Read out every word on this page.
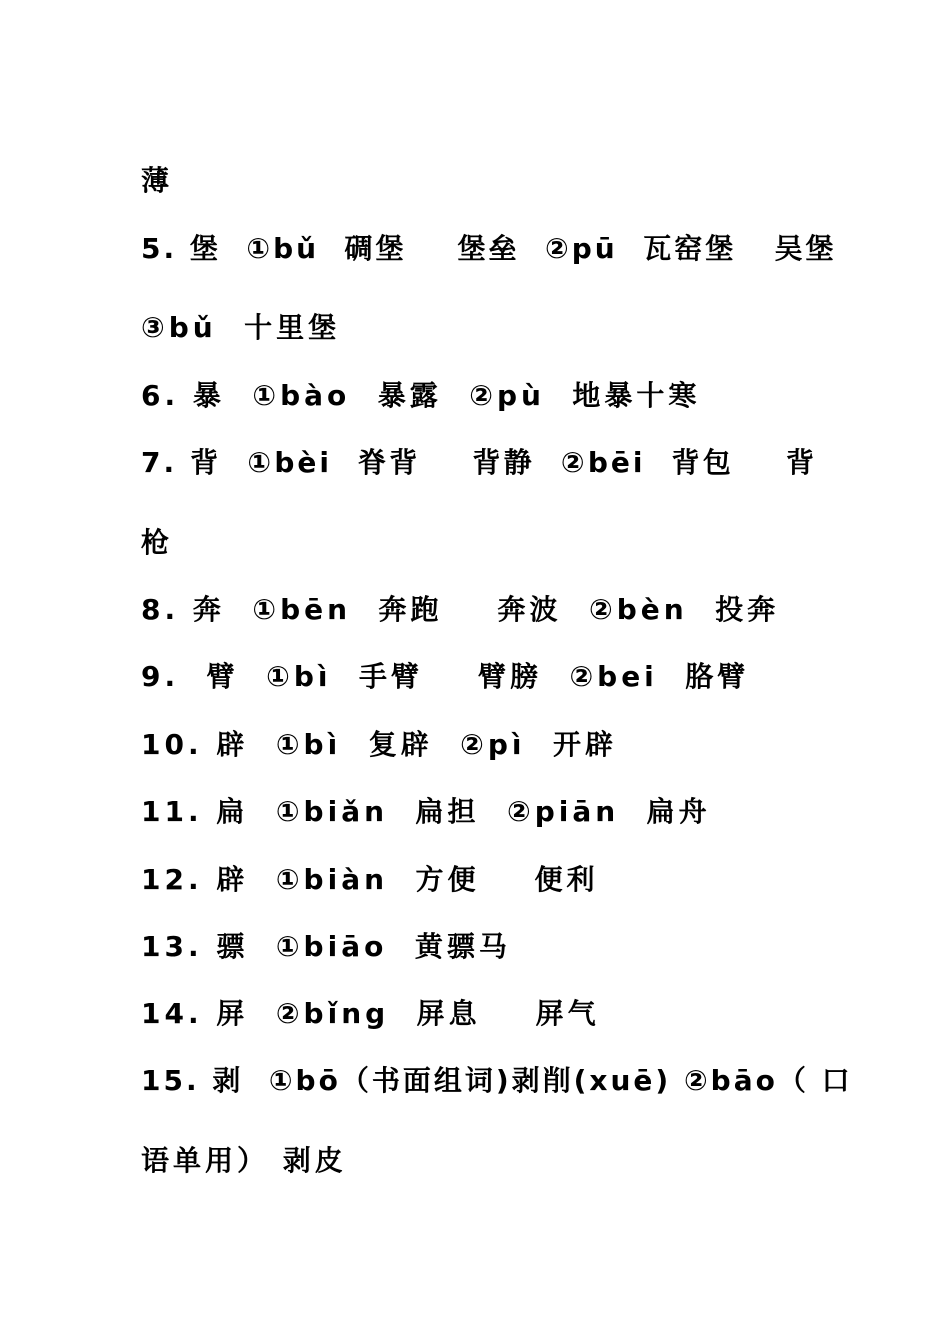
薄
5. 堡  ①bǔ  碉堡    堡垒  ②pū  瓦窑堡   吴堡
③bǔ  十里堡
6. 暴  ①bào  暴露  ②pù  地暴十寒
7. 背  ①bèi  脊背    背静  ②bēi  背包    背
枪
8. 奔  ①bēn  奔跑    奔波  ②bèn  投奔
9.  臂  ①bì  手臂    臂膀  ②bei  胳臂
10. 辟  ①bì  复辟  ②pì  开辟
11. 扁  ①biǎn  扁担  ②piān  扁舟
12. 辟  ①biàn  方便    便利
13. 骠  ①biāo  黄骠马
14. 屏  ②bǐng  屏息    屏气
15. 剥  ①bō（书面组词)剥削(xuē) ②bāo（ 口
语单用） 剥皮
